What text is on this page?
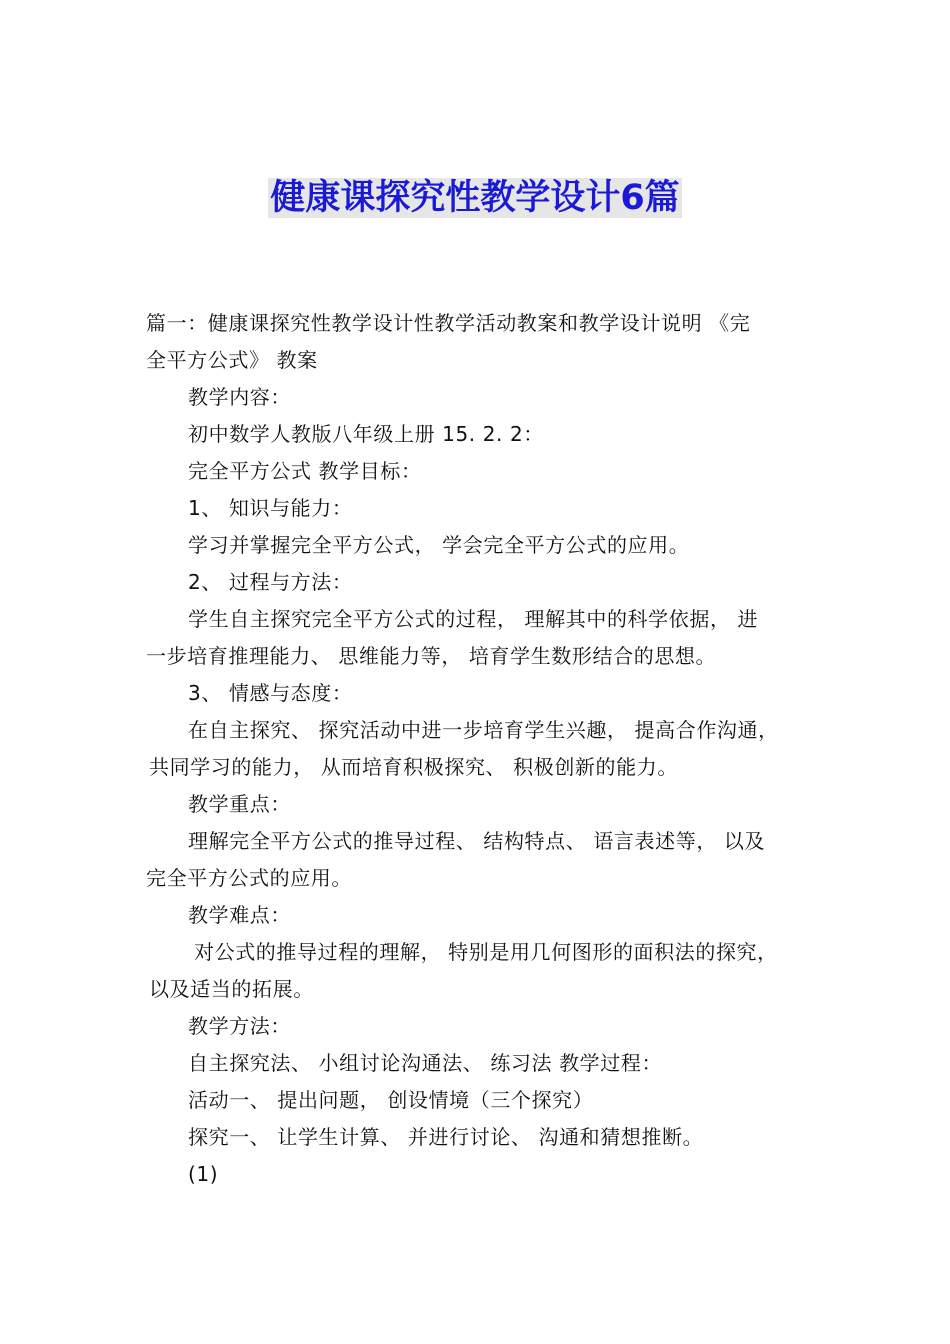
健康课探究性教学设计6篇
篇一：健康课探究性教学设计性教学活动教案和教学设计说明 《完
全平方公式》 教案
教学内容：
初中数学人教版八年级上册 15. 2. 2：
完全平方公式 教学目标：
1、 知识与能力：
学习并掌握完全平方公式， 学会完全平方公式的应用。
2、 过程与方法：
学生自主探究完全平方公式的过程， 理解其中的科学依据， 进
一步培育推理能力、 思维能力等， 培育学生数形结合的思想。
3、 情感与态度：
在自主探究、 探究活动中进一步培育学生兴趣， 提高合作沟通，
共同学习的能力， 从而培育积极探究、 积极创新的能力。
教学重点：
理解完全平方公式的推导过程、 结构特点、 语言表述等， 以及
完全平方公式的应用。
教学难点：
对公式的推导过程的理解， 特别是用几何图形的面积法的探究，
以及适当的拓展。
教学方法：
自主探究法、 小组讨论沟通法、 练习法 教学过程：
活动一、 提出问题， 创设情境（三个探究）
探究一、 让学生计算、 并进行讨论、 沟通和猜想推断。
(1)
